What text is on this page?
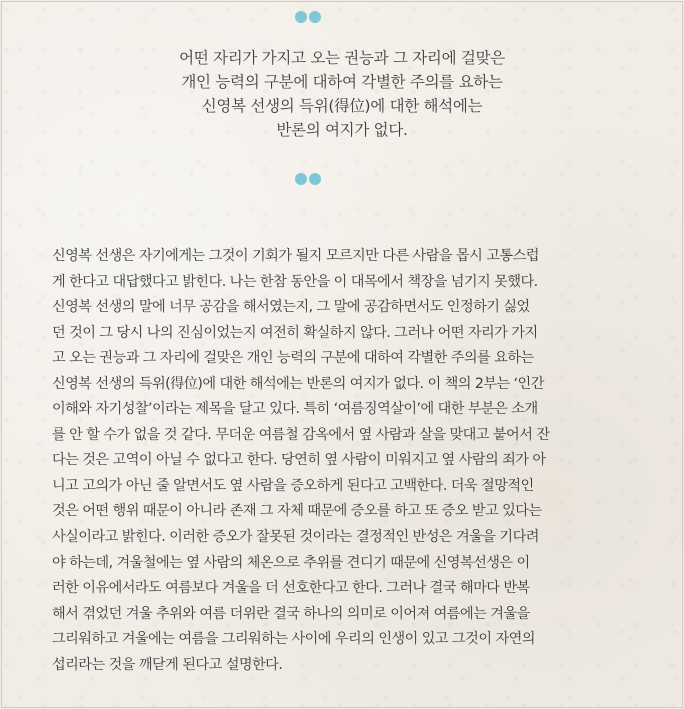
어떤 자리가 가지고 오는 권능과 그 자리에 걸맞은
개인 능력의 구분에 대하여 각별한 주의를 요하는
신영복 선생의 득위(得位)에 대한 해석에는
반론의 여지가 없다.
신영복 선생은 자기에게는 그것이 기회가 될지 모르지만 다른 사람을 몹시 고통스럽
게 한다고 대답했다고 밝힌다. 나는 한참 동안을 이 대목에서 책장을 넘기지 못했다.
신영복 선생의 말에 너무 공감을 해서였는지, 그 말에 공감하면서도 인정하기 싫었
던 것이 그 당시 나의 진심이었는지 여전히 확실하지 않다. 그러나 어떤 자리가 가지
고 오는 권능과 그 자리에 걸맞은 개인 능력의 구분에 대하여 각별한 주의를 요하는
신영복 선생의 득위(得位)에 대한 해석에는 반론의 여지가 없다. 이 책의 2부는 ‘인간
이해와 자기성찰’이라는 제목을 달고 있다. 특히 ‘여름징역살이’에 대한 부분은 소개
를 안 할 수가 없을 것 같다. 무더운 여름철 감옥에서 옆 사람과 살을 맞대고 붙어서 잔
다는 것은 고역이 아닐 수 없다고 한다. 당연히 옆 사람이 미워지고 옆 사람의 죄가 아
니고 고의가 아닌 줄 알면서도 옆 사람을 증오하게 된다고 고백한다. 더욱 절망적인
것은 어떤 행위 때문이 아니라 존재 그 자체 때문에 증오를 하고 또 증오 받고 있다는
사실이라고 밝힌다. 이러한 증오가 잘못된 것이라는 결정적인 반성은 겨울을 기다려
야 하는데, 겨울철에는 옆 사람의 체온으로 추위를 견디기 때문에 신영복선생은 이
러한 이유에서라도 여름보다 겨울을 더 선호한다고 한다. 그러나 결국 해마다 반복
해서 겪었던 겨울 추위와 여름 더위란 결국 하나의 의미로 이어져 여름에는 겨울을
그리워하고 겨울에는 여름을 그리워하는 사이에 우리의 인생이 있고 그것이 자연의
섭리라는 것을 깨닫게 된다고 설명한다.
